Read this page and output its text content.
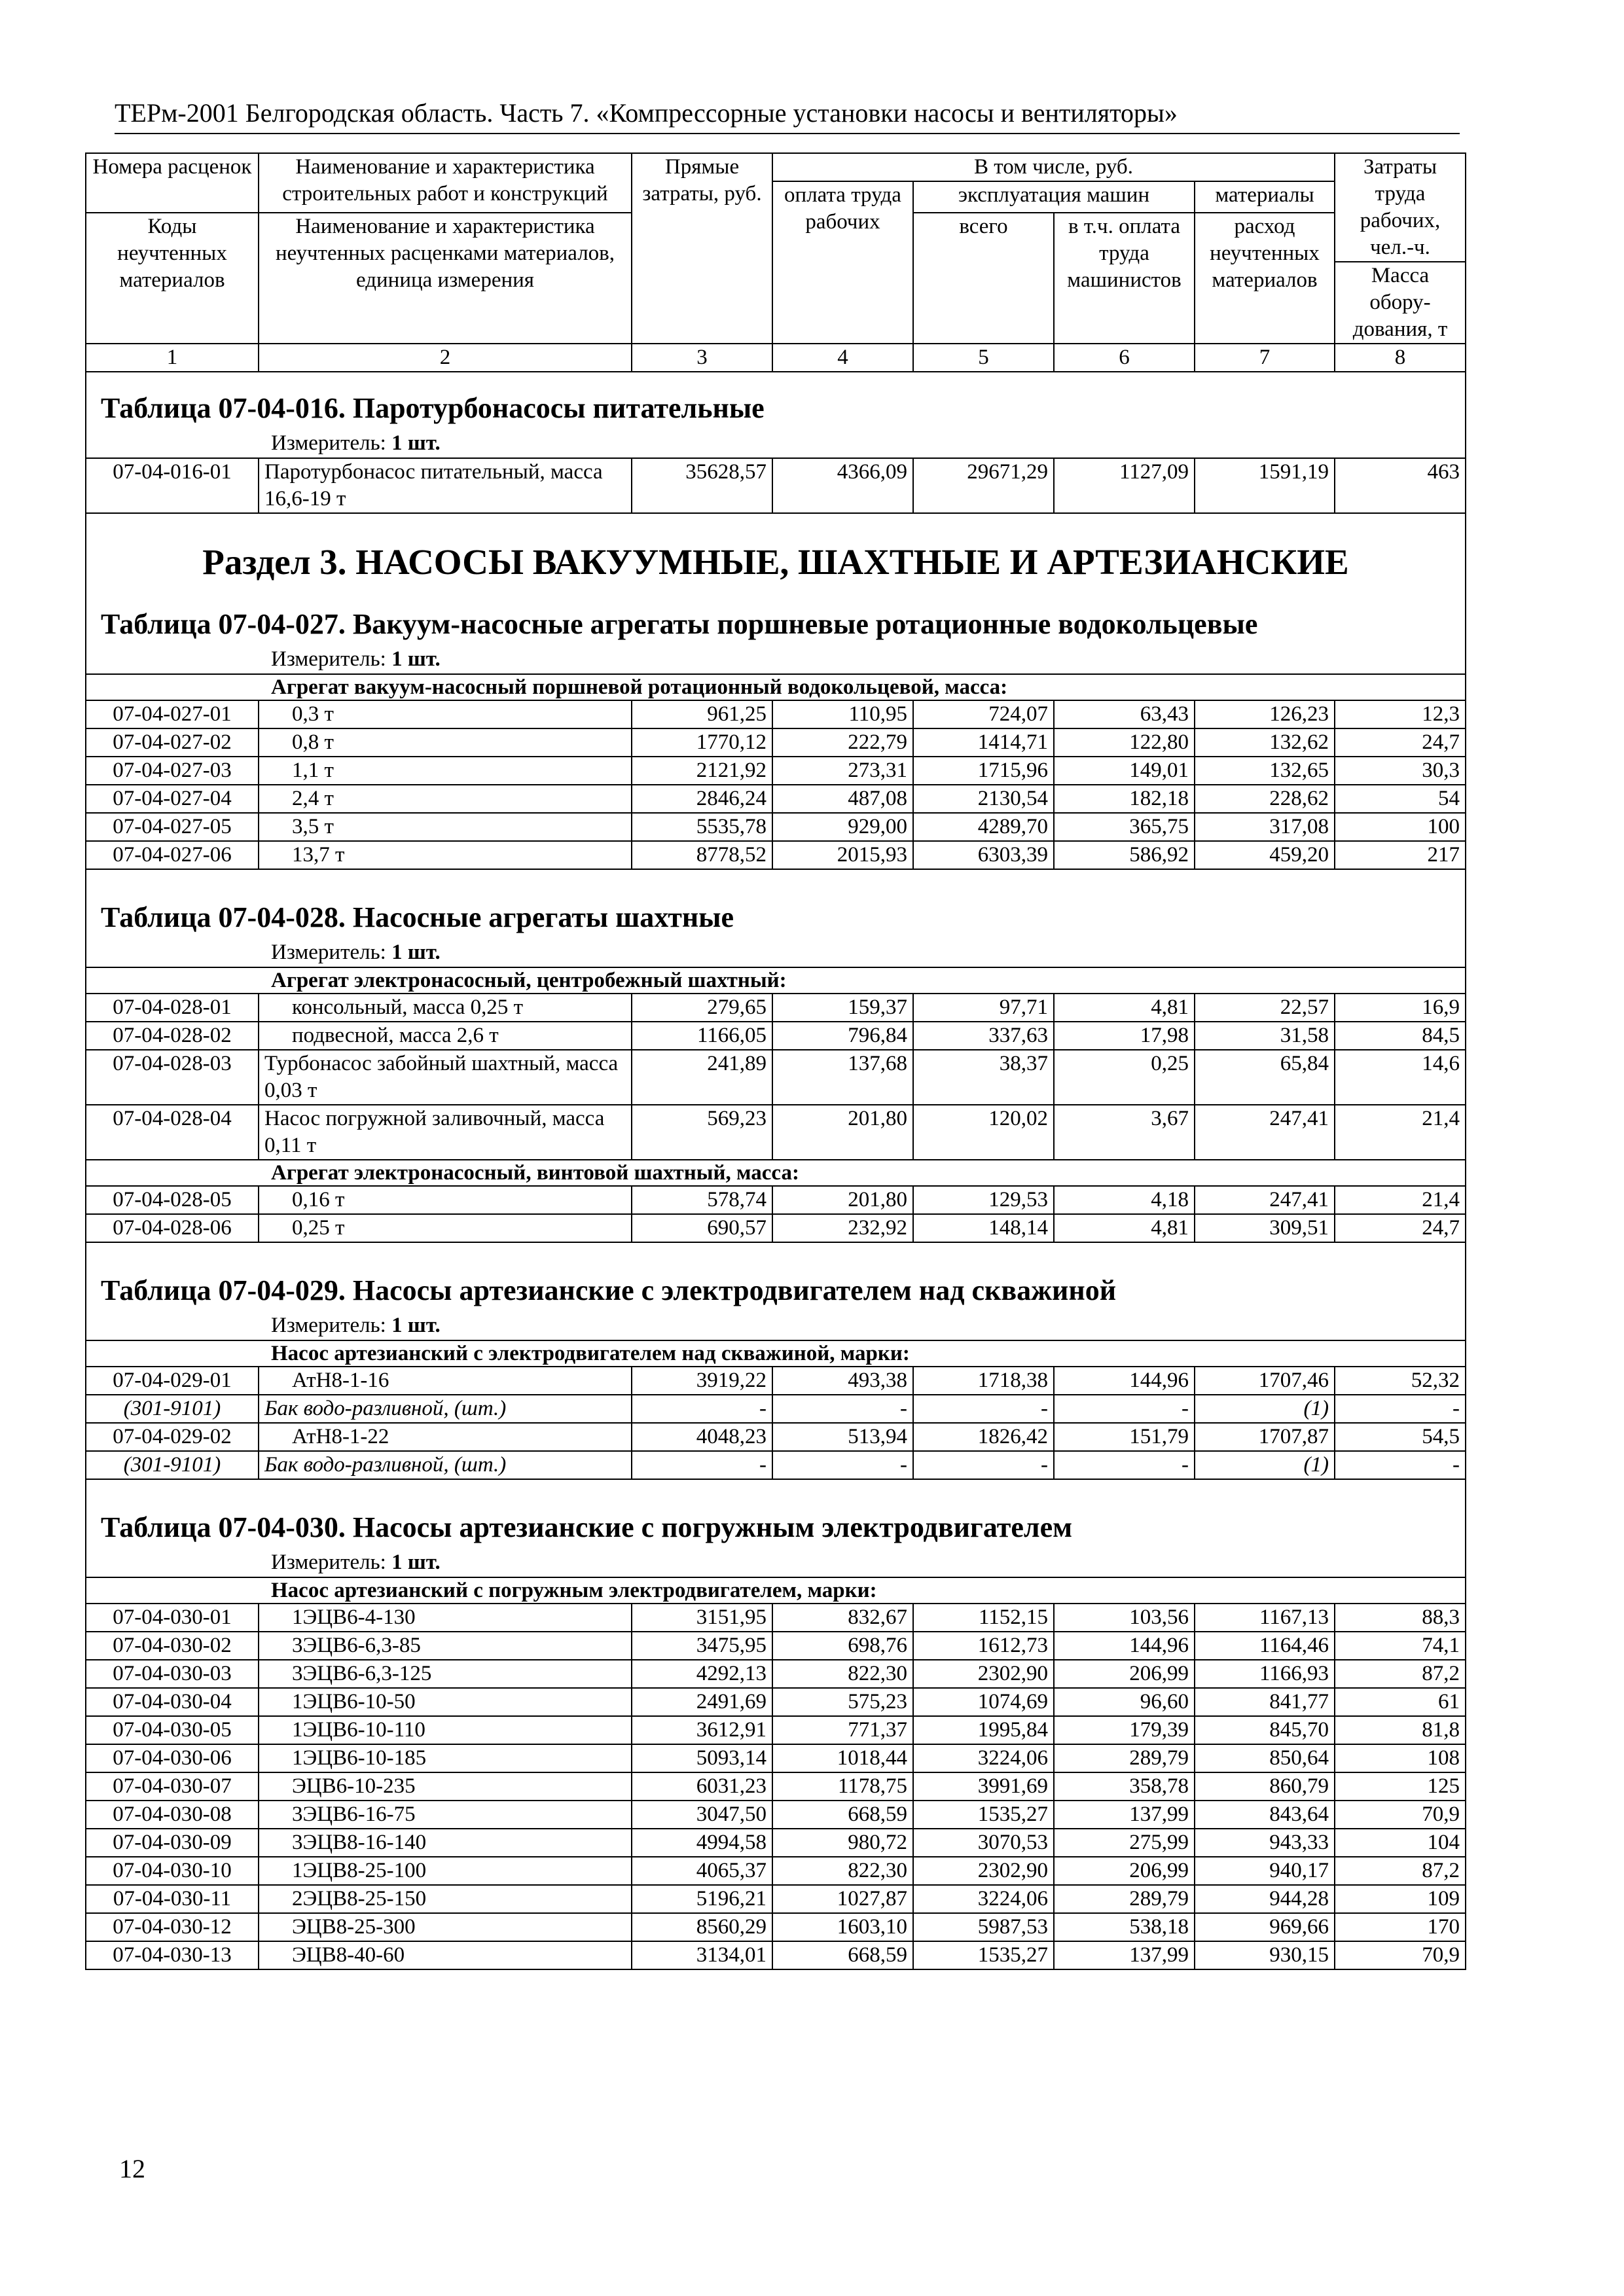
ТЕРм-2001 Белгородская область. Часть 7. «Компрессорные установки насосы и вентиляторы»
Номера расценок	Наименование и характеристика строительных работ и конструкций	Прямые затраты, руб.	В том числе, руб.				Затраты труда рабочих, чел.-ч.
			оплата труда рабочих	эксплуатация машин		материалы	
Коды неучтенных материалов	Наименование и характеристика неучтенных расценками материалов, единица измерения			всего	в т.ч. оплата труда машинистов	расход неучтенных материалов	
							Масса обору-дования, т
1	2	3	4	5	6	7	8
Таблица 07-04-016. Паротурбонасосы питательные							
Измеритель: 1 шт.							
07-04-016-01	Паротурбонасос питательный, масса 16,6-19 т	35628,57	4366,09	29671,29	1127,09	1591,19	463
Раздел 3. НАСОСЫ ВАКУУМНЫЕ, ШАХТНЫЕ И АРТЕЗИАНСКИЕ							
Таблица 07-04-027. Вакуум-насосные агрегаты поршневые ротационные водокольцевые							
Измеритель: 1 шт.							
Агрегат вакуум-насосный поршневой ротационный водокольцевой, масса:							
07-04-027-01	0,3 т	961,25	110,95	724,07	63,43	126,23	12,3
07-04-027-02	0,8 т	1770,12	222,79	1414,71	122,80	132,62	24,7
07-04-027-03	1,1 т	2121,92	273,31	1715,96	149,01	132,65	30,3
07-04-027-04	2,4 т	2846,24	487,08	2130,54	182,18	228,62	54
07-04-027-05	3,5 т	5535,78	929,00	4289,70	365,75	317,08	100
07-04-027-06	13,7 т	8778,52	2015,93	6303,39	586,92	459,20	217

Таблица 07-04-028. Насосные агрегаты шахтные							
Измеритель: 1 шт.							
Агрегат электронасосный, центробежный шахтный:							
07-04-028-01	консольный, масса 0,25 т	279,65	159,37	97,71	4,81	22,57	16,9
07-04-028-02	подвесной, масса 2,6 т	1166,05	796,84	337,63	17,98	31,58	84,5
07-04-028-03	Турбонасос забойный шахтный, масса 0,03 т	241,89	137,68	38,37	0,25	65,84	14,6
07-04-028-04	Насос погружной заливочный, масса 0,11 т	569,23	201,80	120,02	3,67	247,41	21,4
Агрегат электронасосный, винтовой шахтный, масса:							
07-04-028-05	0,16 т	578,74	201,80	129,53	4,18	247,41	21,4
07-04-028-06	0,25 т	690,57	232,92	148,14	4,81	309,51	24,7

Таблица 07-04-029. Насосы артезианские с электродвигателем над скважиной							
Измеритель: 1 шт.							
Насос артезианский с электродвигателем над скважиной, марки:							
07-04-029-01	АтН8-1-16	3919,22	493,38	1718,38	144,96	1707,46	52,32
(301-9101)	Бак водо-разливной, (шт.)	-	-	-	-	(1)	-
07-04-029-02	АтН8-1-22	4048,23	513,94	1826,42	151,79	1707,87	54,5
(301-9101)	Бак водо-разливной, (шт.)	-	-	-	-	(1)	-

Таблица 07-04-030. Насосы артезианские с погружным электродвигателем							
Измеритель: 1 шт.							
Насос артезианский с погружным электродвигателем, марки:							
07-04-030-01	1ЭЦВ6-4-130	3151,95	832,67	1152,15	103,56	1167,13	88,3
07-04-030-02	3ЭЦВ6-6,3-85	3475,95	698,76	1612,73	144,96	1164,46	74,1
07-04-030-03	3ЭЦВ6-6,3-125	4292,13	822,30	2302,90	206,99	1166,93	87,2
07-04-030-04	1ЭЦВ6-10-50	2491,69	575,23	1074,69	96,60	841,77	61
07-04-030-05	1ЭЦВ6-10-110	3612,91	771,37	1995,84	179,39	845,70	81,8
07-04-030-06	1ЭЦВ6-10-185	5093,14	1018,44	3224,06	289,79	850,64	108
07-04-030-07	ЭЦВ6-10-235	6031,23	1178,75	3991,69	358,78	860,79	125
07-04-030-08	3ЭЦВ6-16-75	3047,50	668,59	1535,27	137,99	843,64	70,9
07-04-030-09	3ЭЦВ8-16-140	4994,58	980,72	3070,53	275,99	943,33	104
07-04-030-10	1ЭЦВ8-25-100	4065,37	822,30	2302,90	206,99	940,17	87,2
07-04-030-11	2ЭЦВ8-25-150	5196,21	1027,87	3224,06	289,79	944,28	109
07-04-030-12	ЭЦВ8-25-300	8560,29	1603,10	5987,53	538,18	969,66	170
07-04-030-13	ЭЦВ8-40-60	3134,01	668,59	1535,27	137,99	930,15	70,9
12
